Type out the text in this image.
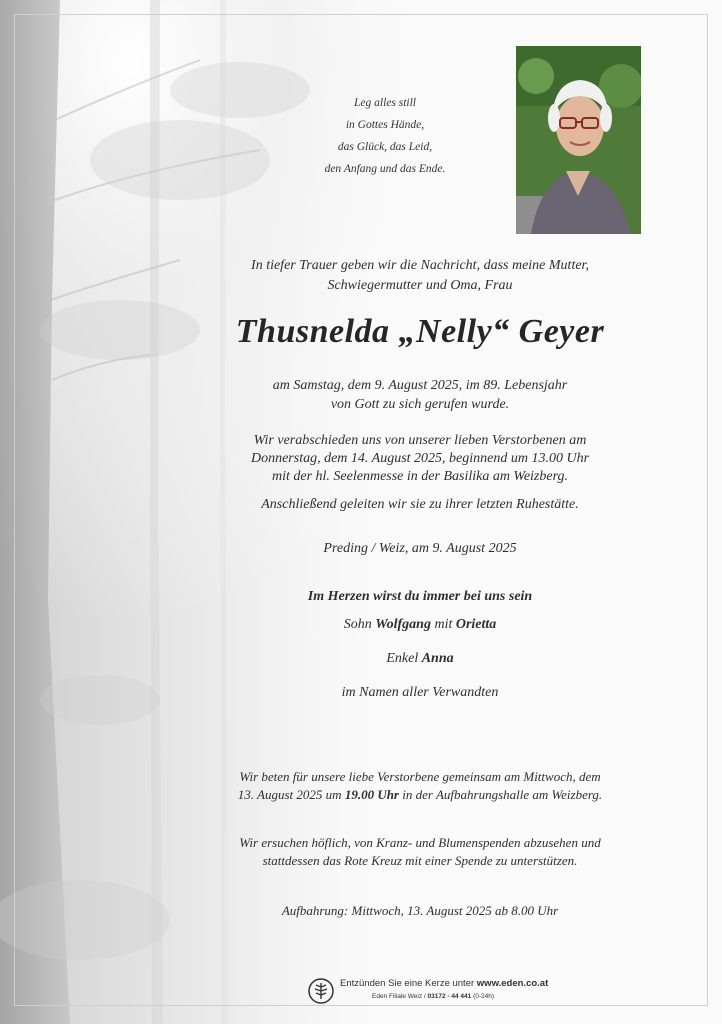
Leg alles still
in Gottes Hände,
das Glück, das Leid,
den Anfang und das Ende.
In tiefer Trauer geben wir die Nachricht, dass meine Mutter,
Schwiegermutter und Oma, Frau
Thusnelda „Nelly“ Geyer
am Samstag, dem 9. August 2025, im 89. Lebensjahr
von Gott zu sich gerufen wurde.
Wir verabschieden uns von unserer lieben Verstorbenen am
Donnerstag, dem 14. August 2025, beginnend um 13.00 Uhr
mit der hl. Seelenmesse in der Basilika am Weizberg.
Anschließend geleiten wir sie zu ihrer letzten Ruhestätte.
Preding / Weiz, am 9. August 2025
Im Herzen wirst du immer bei uns sein
Sohn Wolfgang mit Orietta
Enkel Anna
im Namen aller Verwandten
Wir beten für unsere liebe Verstorbene gemeinsam am Mittwoch, dem
13. August 2025 um 19.00 Uhr in der Aufbahrungshalle am Weizberg.
Wir ersuchen höflich, von Kranz- und Blumenspenden abzusehen und
stattdessen das Rote Kreuz mit einer Spende zu unterstützen.
Aufbahrung: Mittwoch, 13. August 2025 ab 8.00 Uhr
Entzünden Sie eine Kerze unter www.eden.co.at
Eden Filiale Weiz / 03172 - 44 441 (0-24h)
